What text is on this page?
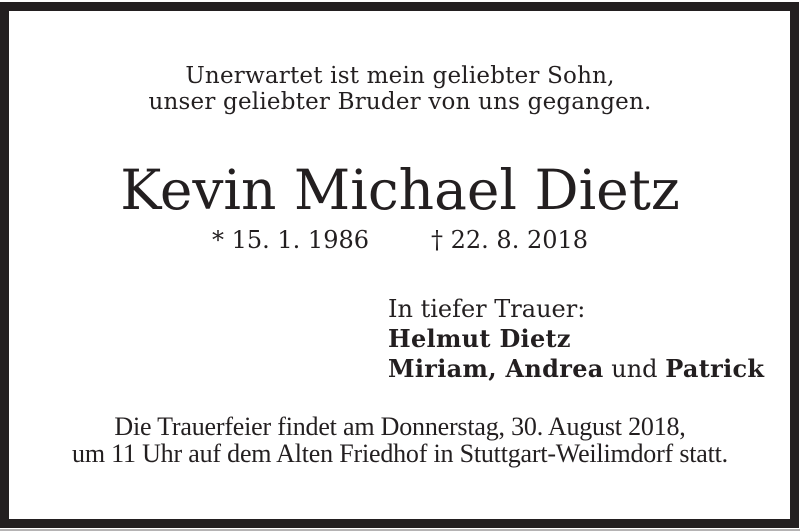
Unerwartet ist mein geliebter Sohn,
unser geliebter Bruder von uns gegangen.
Kevin Michael Dietz
* 15. 1. 1986	† 22. 8. 2018
In tiefer Trauer:
Helmut Dietz
Miriam, Andrea und Patrick
Die Trauerfeier findet am Donnerstag, 30. August 2018,
um 11 Uhr auf dem Alten Friedhof in Stuttgart-Weilimdorf statt.
